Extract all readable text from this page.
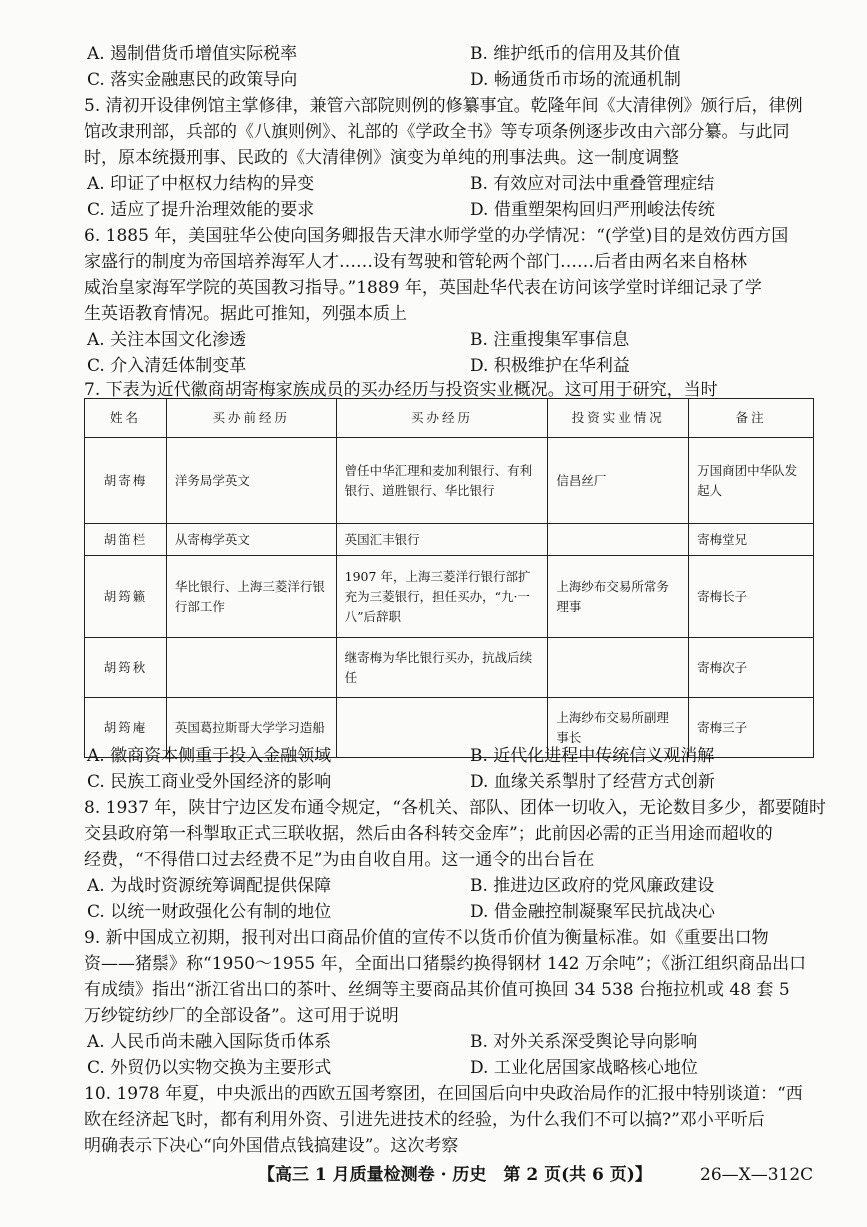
A. 遏制借货币增值实际税率	B. 维护纸币的信用及其价值
C. 落实金融惠民的政策导向	D. 畅通货币市场的流通机制
5. 清初开设律例馆主掌修律，兼管六部院则例的修纂事宜。乾隆年间《大清律例》颁行后，律例
馆改隶刑部，兵部的《八旗则例》、礼部的《学政全书》等专项条例逐步改由六部分纂。与此同
时，原本统摄刑事、民政的《大清律例》演变为单纯的刑事法典。这一制度调整
A. 印证了中枢权力结构的异变	B. 有效应对司法中重叠管理症结
C. 适应了提升治理效能的要求	D. 借重塑架构回归严刑峻法传统
6. 1885 年，美国驻华公使向国务卿报告天津水师学堂的办学情况：“(学堂)目的是效仿西方国
家盛行的制度为帝国培养海军人才……设有驾驶和管轮两个部门……后者由两名来自格林
威治皇家海军学院的英国教习指导。”1889 年，英国赴华代表在访问该学堂时详细记录了学
生英语教育情况。据此可推知，列强本质上
A. 关注本国文化渗透	B. 注重搜集军事信息
C. 介入清廷体制变革	D. 积极维护在华利益
7. 下表为近代徽商胡寄梅家族成员的买办经历与投资实业概况。这可用于研究，当时
姓名	买办前经历	买办经历	投资实业情况	备注
胡寄梅	洋务局学英文	曾任中华汇理和麦加利银行、有利银行、道胜银行、华比银行	信昌丝厂	万国商团中华队发起人
胡笛栏	从寄梅学英文	英国汇丰银行		寄梅堂兄
胡筠籁	华比银行、上海三菱洋行银行部工作	1907 年，上海三菱洋行银行部扩充为三菱银行，担任买办，“九·一八”后辞职	上海纱布交易所常务理事	寄梅长子
胡筠秋		继寄梅为华比银行买办，抗战后续任		寄梅次子
胡筠庵	英国葛拉斯哥大学学习造船		上海纱布交易所副理事长	寄梅三子
A. 徽商资本侧重于投入金融领域	B. 近代化进程中传统信义观消解
C. 民族工商业受外国经济的影响	D. 血缘关系掣肘了经营方式创新
8. 1937 年，陕甘宁边区发布通令规定，“各机关、部队、团体一切收入，无论数目多少，都要随时
交县政府第一科掣取正式三联收据，然后由各科转交金库”；此前因必需的正当用途而超收的
经费，“不得借口过去经费不足”为由自收自用。这一通令的出台旨在
A. 为战时资源统筹调配提供保障	B. 推进边区政府的党风廉政建设
C. 以统一财政强化公有制的地位	D. 借金融控制凝聚军民抗战决心
9. 新中国成立初期，报刊对出口商品价值的宣传不以货币价值为衡量标准。如《重要出口物
资——猪鬃》称“1950～1955 年，全面出口猪鬃约换得钢材 142 万余吨”；《浙江组织商品出口
有成绩》指出“浙江省出口的茶叶、丝绸等主要商品其价值可换回 34 538 台拖拉机或 48 套 5
万纱锭纺纱厂的全部设备”。这可用于说明
A. 人民币尚未融入国际货币体系	B. 对外关系深受舆论导向影响
C. 外贸仍以实物交换为主要形式	D. 工业化居国家战略核心地位
10. 1978 年夏，中央派出的西欧五国考察团，在回国后向中央政治局作的汇报中特别谈道：“西
欧在经济起飞时，都有利用外资、引进先进技术的经验，为什么我们不可以搞?”邓小平听后
明确表示下决心“向外国借点钱搞建设”。这次考察
【高三 1 月质量检测卷 · 历史　第 2 页(共 6 页)】	26—X—312C
